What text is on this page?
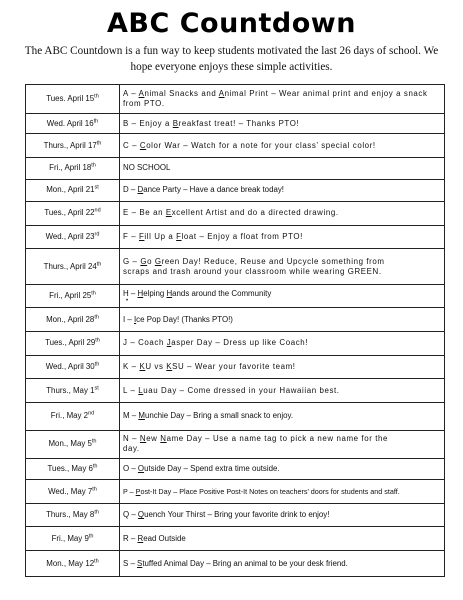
ABC Countdown
The ABC Countdown is a fun way to keep students motivated the last 26 days of school. We hope everyone enjoys these simple activities.
Tues. April 15th	A – Animal Snacks and Animal Print – Wear animal print and enjoy a snack
from PTO.

Wed. April 16th	B – Enjoy a Breakfast treat! – Thanks PTO!

Thurs., April 17th	C – Color War – Watch for a note for your class’ special color!

Fri., April 18th	NO SCHOOL

Mon., April 21st	D – Dance Party – Have a dance break today!

Tues., April 22nd	E – Be an Excellent Artist and do a directed drawing.

Wed., April 23rd	F – Fill Up a Float – Enjoy a float from PTO!

Thurs., April 24th	G – Go Green Day! Reduce, Reuse and Upcycle something from
scraps and trash around your classroom while wearing GREEN.

Fri., April 25th	H – Helping Hands around the Community
•

Mon., April 28th	I – Ice Pop Day! (Thanks PTO!)

Tues., April 29th	J – Coach Jasper Day – Dress up like Coach!

Wed., April 30th	K – KU vs KSU – Wear your favorite team!

Thurs., May 1st	L – Luau Day – Come dressed in your Hawaiian best.

Fri., May 2nd	M – Munchie Day – Bring a small snack to enjoy.

Mon., May 5th	N – New Name Day – Use a name tag to pick a new name for the
day.

Tues., May 6th	O – Outside Day – Spend extra time outside.

Wed., May 7th	P – Post-It Day – Place Positive Post-It Notes on teachers’ doors for students and staff.

Thurs., May 8th	Q – Quench Your Thirst – Bring your favorite drink to enjoy!

Fri., May 9th	R – Read Outside

Mon., May 12th	S – Stuffed Animal Day – Bring an animal to be your desk friend.
